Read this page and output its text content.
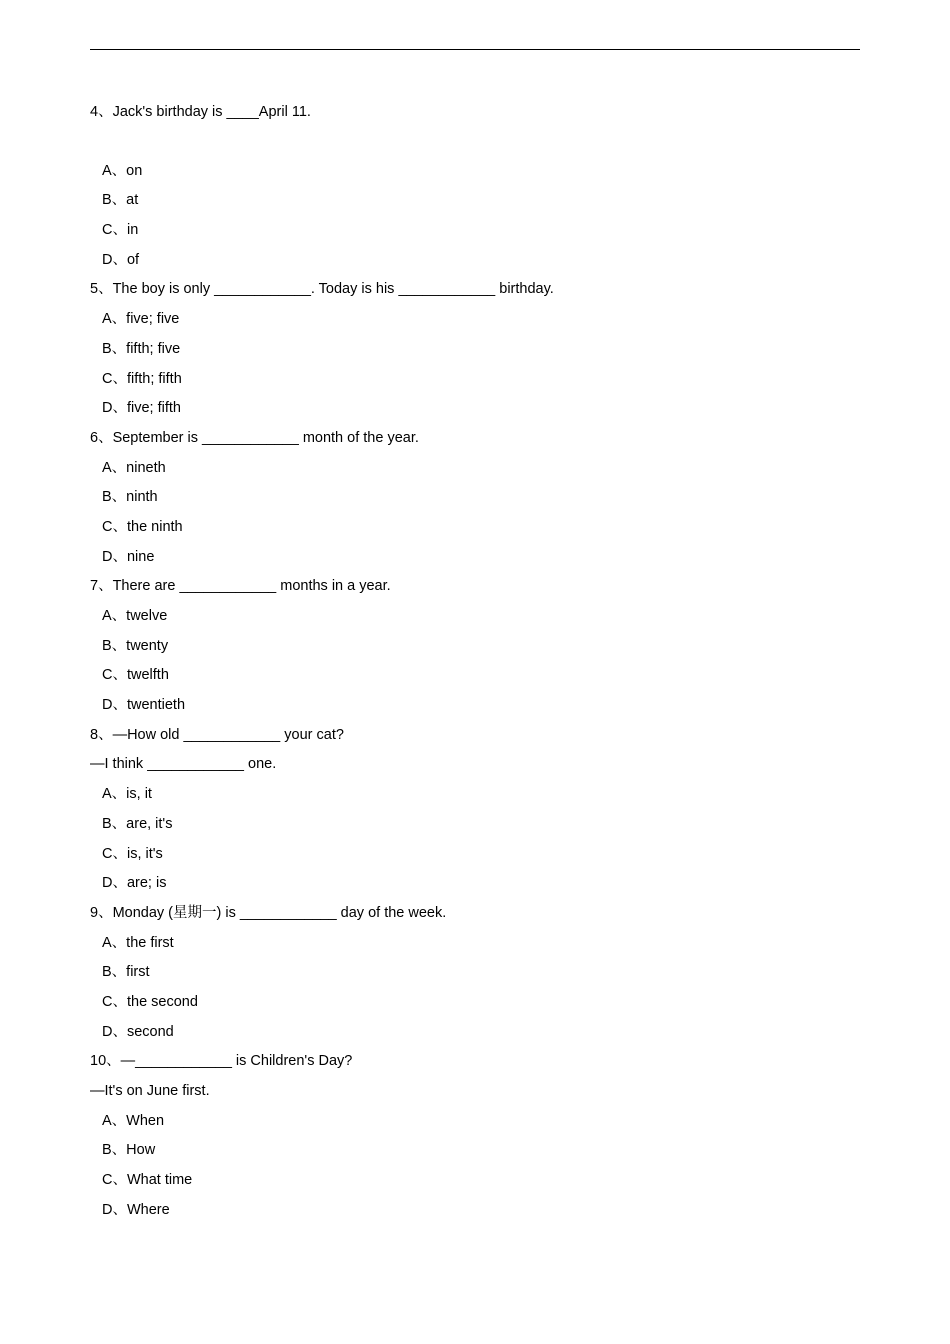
4、Jack's birthday is ____April 11.
A、on
B、at
C、in
D、of
5、The boy is only ____________. Today is his ____________ birthday.
A、five; five
B、fifth; five
C、fifth; fifth
D、five; fifth
6、September is ____________ month of the year.
A、nineth
B、ninth
C、the ninth
D、nine
7、There are ____________ months in a year.
A、twelve
B、twenty
C、twelfth
D、twentieth
8、—How old ____________ your cat?
—I think ____________ one.
A、is, it
B、are, it's
C、is, it's
D、are; is
9、Monday (星期一) is ____________ day of the week.
A、the first
B、first
C、the second
D、second
10、—____________ is Children's Day?
—It's on June first.
A、When
B、How
C、What time
D、Where
